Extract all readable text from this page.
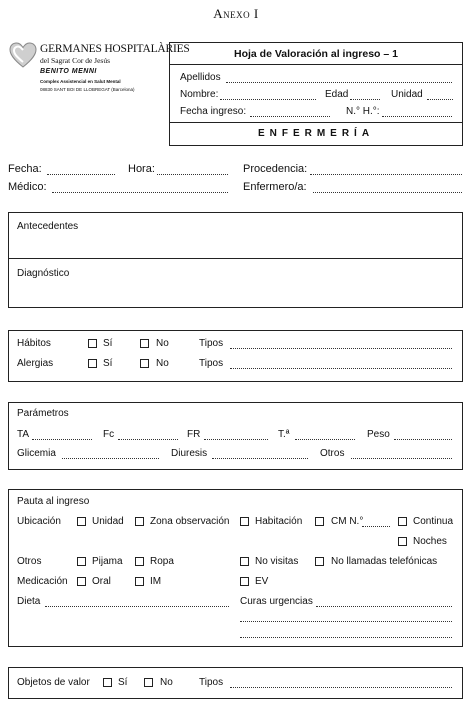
Anexo I
GERMANES HOSPITALÀRIES
del Sagrat Cor de Jesús
BENITO MENNI
Complex Assistencial en Salut Mental
08830 SANT BOI DE LLOBREGAT (Barcelona)
Hoja de Valoración al ingreso – 1
Apellidos
Nombre:	Edad	Unidad
Fecha ingreso:	N.° H.°:
ENFERMERÍA
Fecha:	Hora:	Procedencia:
Médico:	Enfermero/a:
Antecedentes
Diagnóstico
Hábitos	Sí	No	Tipos
Alergias	Sí	No	Tipos
Parámetros
TA	Fc	FR	T.ª	Peso
Glicemia	Diuresis	Otros
Pauta al ingreso
Ubicación	Unidad	Zona observación	Habitación	CM N.°	Continua
Noches
Otros	Pijama	Ropa	No visitas	No llamadas telefónicas
Medicación Oral	IM	EV
Dieta	Curas urgencias
Objetos de valor	Sí	No	Tipos
